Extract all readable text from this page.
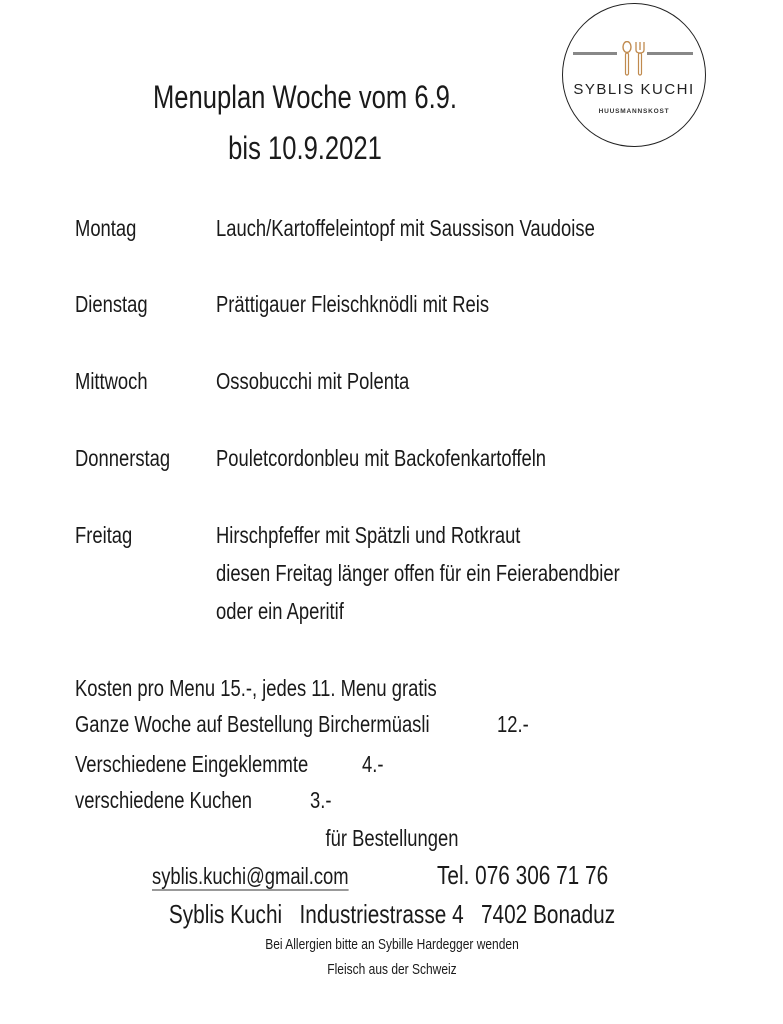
SYBLIS KUCHI
HUUSMANNSKOST
Menuplan Woche vom 6.9.
bis 10.9.2021
Montag	Lauch/Kartoffeleintopf mit Saussison Vaudoise
Dienstag	Prättigauer Fleischknödli mit Reis
Mittwoch	Ossobucchi mit Polenta
Donnerstag Pouletcordonbleu mit Backofenkartoffeln
Freitag	Hirschpfeffer mit Spätzli und Rotkraut
diesen Freitag länger offen für ein Feierabendbier
oder ein Aperitif
Kosten pro Menu 15.-, jedes 11. Menu gratis
Ganze Woche auf Bestellung Birchermüasli	12.-
Verschiedene Eingeklemmte 4.-
verschiedene Kuchen	3.-
für Bestellungen
syblis.kuchi@gmail.com	Tel. 076 306 71 76
Syblis Kuchi   Industriestrasse 4   7402 Bonaduz
Bei Allergien bitte an Sybille Hardegger wenden
Fleisch aus der Schweiz
